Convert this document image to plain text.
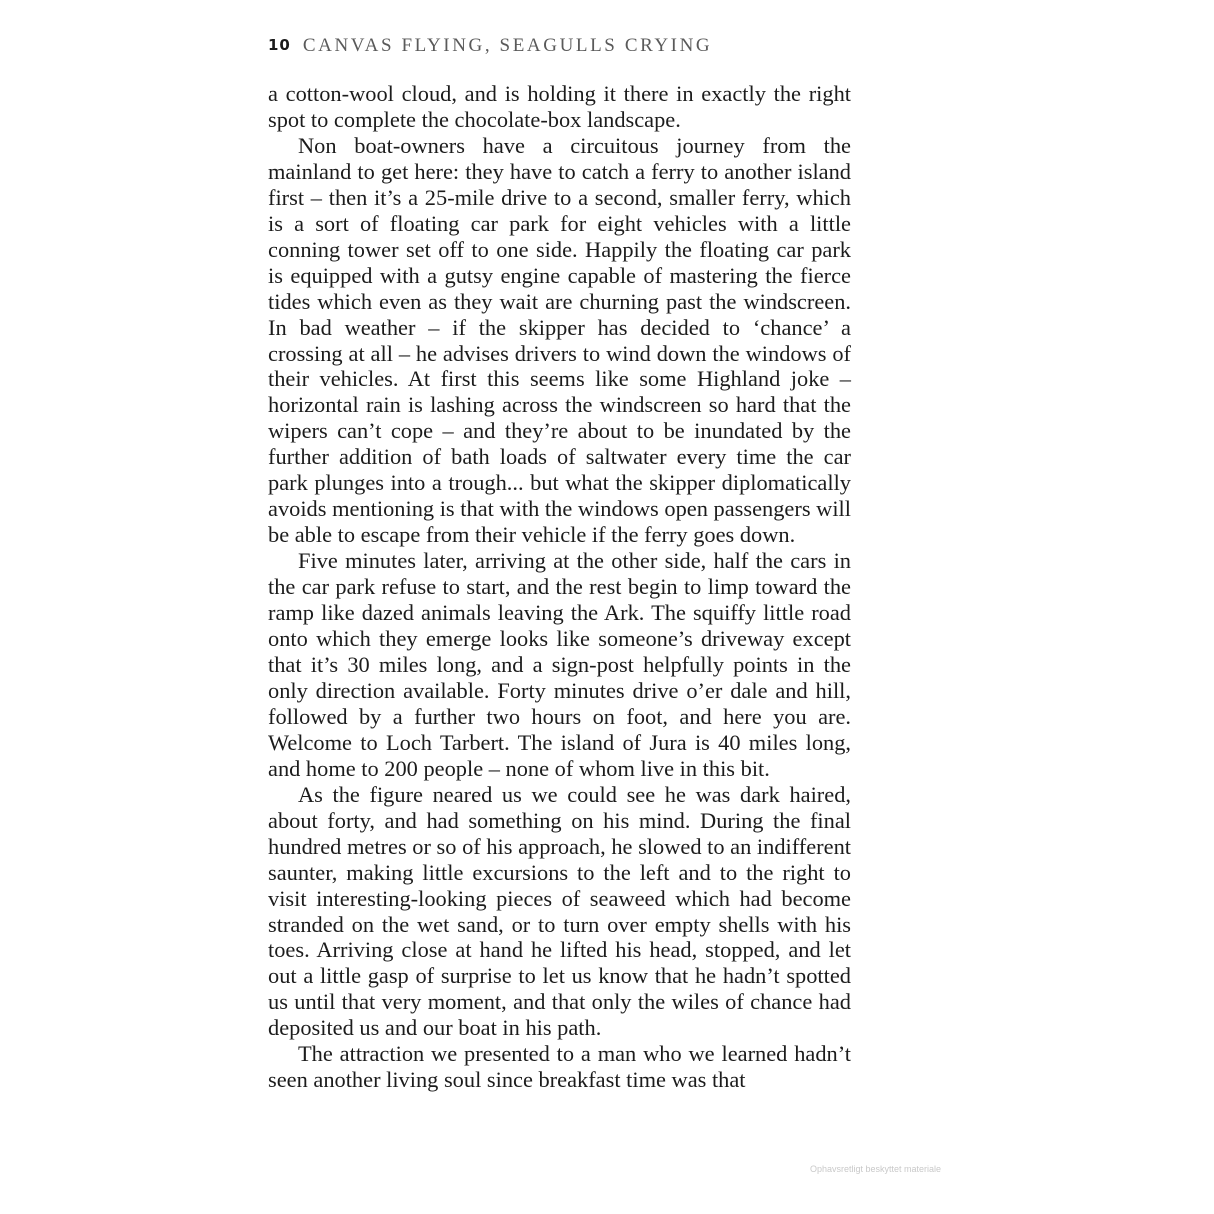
10 CANVAS FLYING, SEAGULLS CRYING

a cotton-wool cloud, and is holding it there in exactly the right spot to complete the chocolate-box landscape.

Non boat-owners have a circuitous journey from the mainland to get here: they have to catch a ferry to another island first – then it’s a 25-mile drive to a second, smaller ferry, which is a sort of floating car park for eight vehicles with a little conning tower set off to one side. Happily the floating car park is equipped with a gutsy engine capable of mastering the fierce tides which even as they wait are churning past the windscreen. In bad weather – if the skipper has decided to ‘chance’ a crossing at all – he advises drivers to wind down the windows of their vehicles. At first this seems like some Highland joke – horizontal rain is lashing across the windscreen so hard that the wipers can’t cope – and they’re about to be inundated by the further addition of bath loads of saltwater every time the car park plunges into a trough... but what the skipper diplomatically avoids mentioning is that with the windows open passengers will be able to escape from their vehicle if the ferry goes down.

Five minutes later, arriving at the other side, half the cars in the car park refuse to start, and the rest begin to limp toward the ramp like dazed animals leaving the Ark. The squiffy little road onto which they emerge looks like someone’s driveway except that it’s 30 miles long, and a sign-post helpfully points in the only direction available. Forty minutes drive o’er dale and hill, followed by a further two hours on foot, and here you are. Welcome to Loch Tarbert. The island of Jura is 40 miles long, and home to 200 people – none of whom live in this bit.

As the figure neared us we could see he was dark haired, about forty, and had something on his mind. During the final hundred metres or so of his approach, he slowed to an indifferent saunter, making little excursions to the left and to the right to visit interesting-looking pieces of seaweed which had become stranded on the wet sand, or to turn over empty shells with his toes. Arriving close at hand he lifted his head, stopped, and let out a little gasp of surprise to let us know that he hadn’t spotted us until that very moment, and that only the wiles of chance had deposited us and our boat in his path.

The attraction we presented to a man who we learned hadn’t seen another living soul since breakfast time was that

Ophavsretligt beskyttet materiale
